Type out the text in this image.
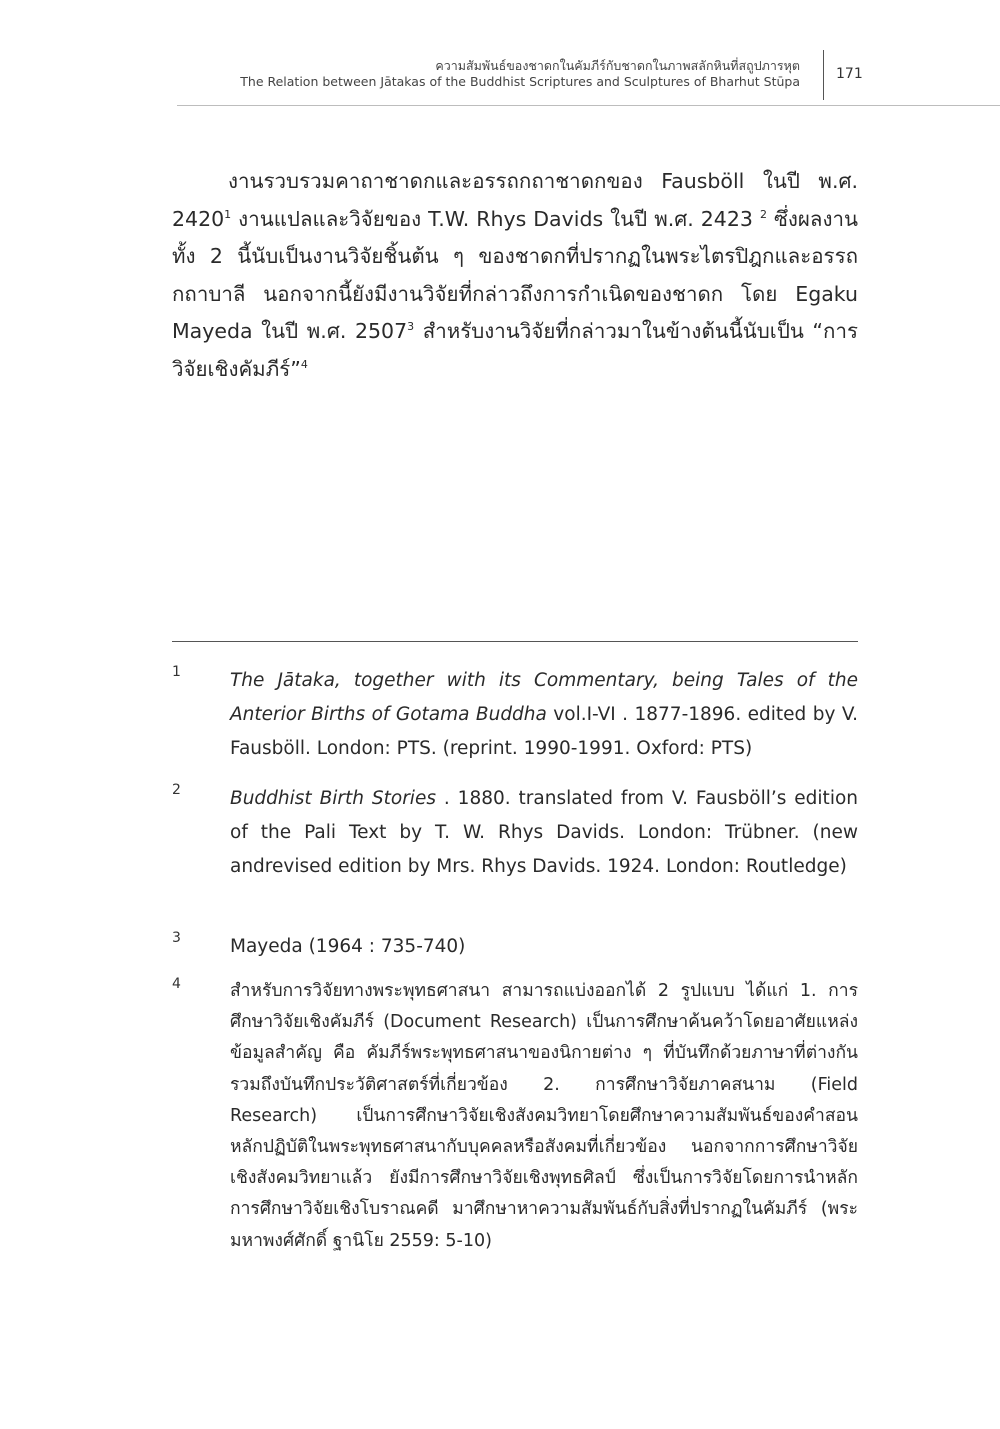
ความสัมพันธ์ของชาดกในคัมภีร์กับชาดกในภาพสลักหินที่สถูปภารหุต
The Relation between Jātakas of the Buddhist Scriptures and Sculptures of Bharhut Stūpa	171

งานรวบรวมคาถาชาดกและอรรถกถาชาดกของ Fausböll ในปี พ.ศ. 2420$^1$ งานแปลและวิจัยของ T.W. Rhys Davids ในปี พ.ศ. 2423 $^2$ ซึ่งผลงานทั้ง 2 นี้นับเป็นงานวิจัยชิ้นต้น ๆ ของชาดกที่ปรากฏในพระไตรปิฎกและอรรถกถาบาลี นอกจากนี้ยังมีงานวิจัยที่กล่าวถึงการกำเนิดของชาดก โดย Egaku Mayeda ในปี พ.ศ. 2507$^3$ สำหรับงานวิจัยที่กล่าวมาในข้างต้นนี้นับเป็น “การวิจัยเชิงคัมภีร์”$^4$

1	The Jātaka, together with its Commentary, being Tales of the Anterior Births of Gotama Buddha vol.I-VI . 1877-1896. edited by V. Fausböll. London: PTS. (reprint. 1990-1991. Oxford: PTS)
2	Buddhist Birth Stories . 1880. translated from V. Fausböll’s edition of the Pali Text by T. W. Rhys Davids. London: Trübner. (new andrevised edition by Mrs. Rhys Davids. 1924. London: Routledge)
3	Mayeda (1964 : 735-740)
4	สำหรับการวิจัยทางพระพุทธศาสนา สามารถแบ่งออกได้ 2 รูปแบบ ได้แก่ 1. การศึกษาวิจัยเชิงคัมภีร์ (Document Research) เป็นการศึกษาค้นคว้าโดยอาศัยแหล่งข้อมูลสำคัญ คือ คัมภีร์พระพุทธศาสนาของนิกายต่าง ๆ ที่บันทึกด้วยภาษาที่ต่างกัน รวมถึงบันทึกประวัติศาสตร์ที่เกี่ยวข้อง 2. การศึกษาวิจัยภาคสนาม (Field Research) เป็นการศึกษาวิจัยเชิงสังคมวิทยาโดยศึกษาความสัมพันธ์ของคำสอน หลักปฏิบัติในพระพุทธศาสนากับบุคคลหรือสังคมที่เกี่ยวข้อง นอกจากการศึกษาวิจัยเชิงสังคมวิทยาแล้ว ยังมีการศึกษาวิจัยเชิงพุทธศิลป์ ซึ่งเป็นการวิจัยโดยการนำหลักการศึกษาวิจัยเชิงโบราณคดี มาศึกษาหาความสัมพันธ์กับสิ่งที่ปรากฏในคัมภีร์ (พระมหาพงศ์ศักดิ์ ฐานิโย 2559: 5-10)
